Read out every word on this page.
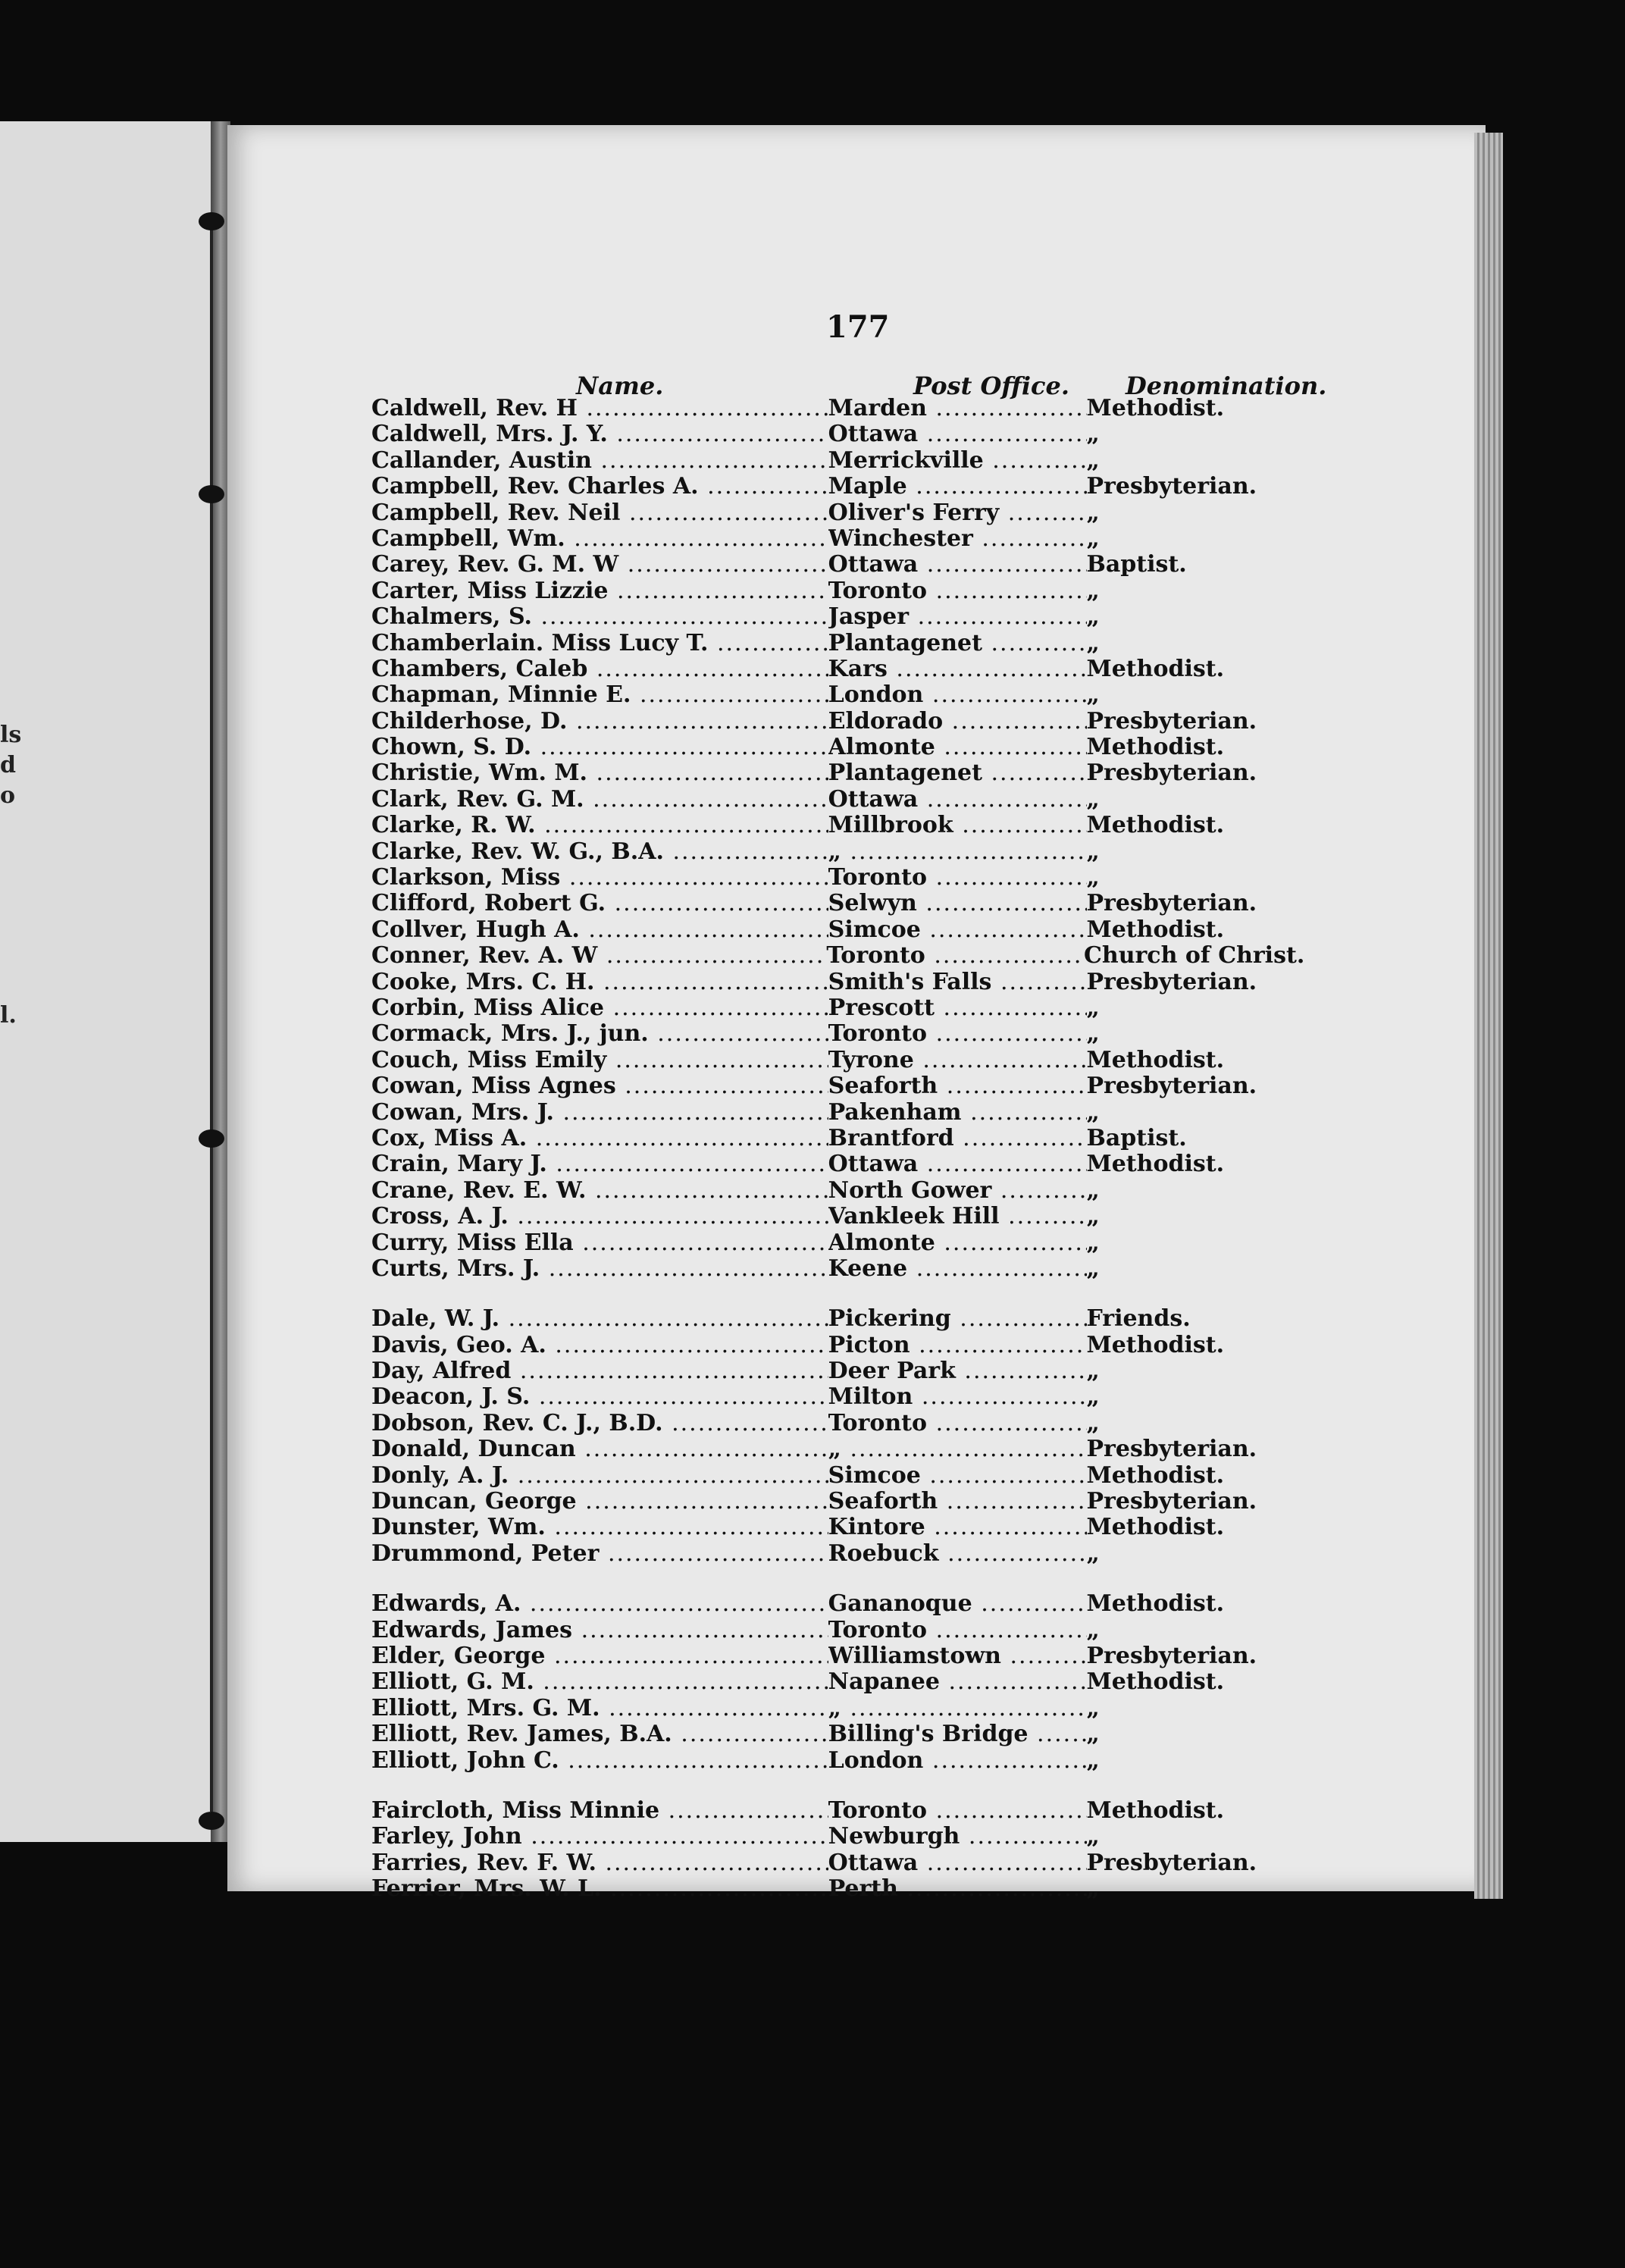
ls
d
o
l.
177
Name.	Post Office. Denomination.
Caldwell, Rev. H .....	Marden .....	Methodist.
Caldwell, Mrs. J. Y. .....	Ottawa .....	„
Callander, Austin .....	Merrickville .....	„
Campbell, Rev. Charles A. .....	Maple .....	Presbyterian.
Campbell, Rev. Neil .....	Oliver's Ferry .....	„
Campbell, Wm. .....	Winchester .....	„
Carey, Rev. G. M. W .....	Ottawa .....	Baptist.
Carter, Miss Lizzie .....	Toronto .....	„
Chalmers, S. .....	Jasper .....	„
Chamberlain. Miss Lucy T. .....	Plantagenet .....	„
Chambers, Caleb .....	Kars .....	Methodist.
Chapman, Minnie E. .....	London .....	„
Childerhose, D. .....	Eldorado .....	Presbyterian.
Chown, S. D. .....	Almonte .....	Methodist.
Christie, Wm. M. .....	Plantagenet .....	Presbyterian.
Clark, Rev. G. M. .....	Ottawa .....	„
Clarke, R. W. .....	Millbrook .....	Methodist.
Clarke, Rev. W. G., B.A. .....	„ .....	„
Clarkson, Miss .....	Toronto .....	„
Clifford, Robert G. .....	Selwyn .....	Presbyterian.
Collver, Hugh A. .....	Simcoe .....	Methodist.
Conner, Rev. A. W .....	Toronto .....	Church of Christ.
Cooke, Mrs. C. H. .....	Smith's Falls .....	Presbyterian.
Corbin, Miss Alice .....	Prescott .....	„
Cormack, Mrs. J., jun. .....	Toronto .....	„
Couch, Miss Emily .....	Tyrone .....	Methodist.
Cowan, Miss Agnes .....	Seaforth .....	Presbyterian.
Cowan, Mrs. J. .....	Pakenham .....	„
Cox, Miss A. .....	Brantford .....	Baptist.
Crain, Mary J. .....	Ottawa .....	Methodist.
Crane, Rev. E. W. .....	North Gower .....	„
Cross, A. J. .....	Vankleek Hill .....	„
Curry, Miss Ella .....	Almonte .....	„
Curts, Mrs. J. .....	Keene .....	„
Dale, W. J. .....	Pickering .....	Friends.
Davis, Geo. A. .....	Picton .....	Methodist.
Day, Alfred .....	Deer Park .....	„
Deacon, J. S. .....	Milton .....	„
Dobson, Rev. C. J., B.D. .....	Toronto .....	„
Donald, Duncan .....	„ .....	Presbyterian.
Donly, A. J. .....	Simcoe .....	Methodist.
Duncan, George .....	Seaforth .....	Presbyterian.
Dunster, Wm. .....	Kintore .....	Methodist.
Drummond, Peter .....	Roebuck .....	„
Edwards, A. .....	Gananoque .....	Methodist.
Edwards, James .....	Toronto .....	„
Elder, George .....	Williamstown .....	Presbyterian.
Elliott, G. M. .....	Napanee .....	Methodist.
Elliott, Mrs. G. M. .....	„ .....	„
Elliott, Rev. James, B.A. .....	Billing's Bridge .....	„
Elliott, John C. .....	London .....	„
Faircloth, Miss Minnie .....	Toronto .....	Methodist.
Farley, John .....	Newburgh .....	„
Farries, Rev. F. W. .....	Ottawa .....	Presbyterian.
Ferrier, Mrs. W. L. .....	Perth .....	„
